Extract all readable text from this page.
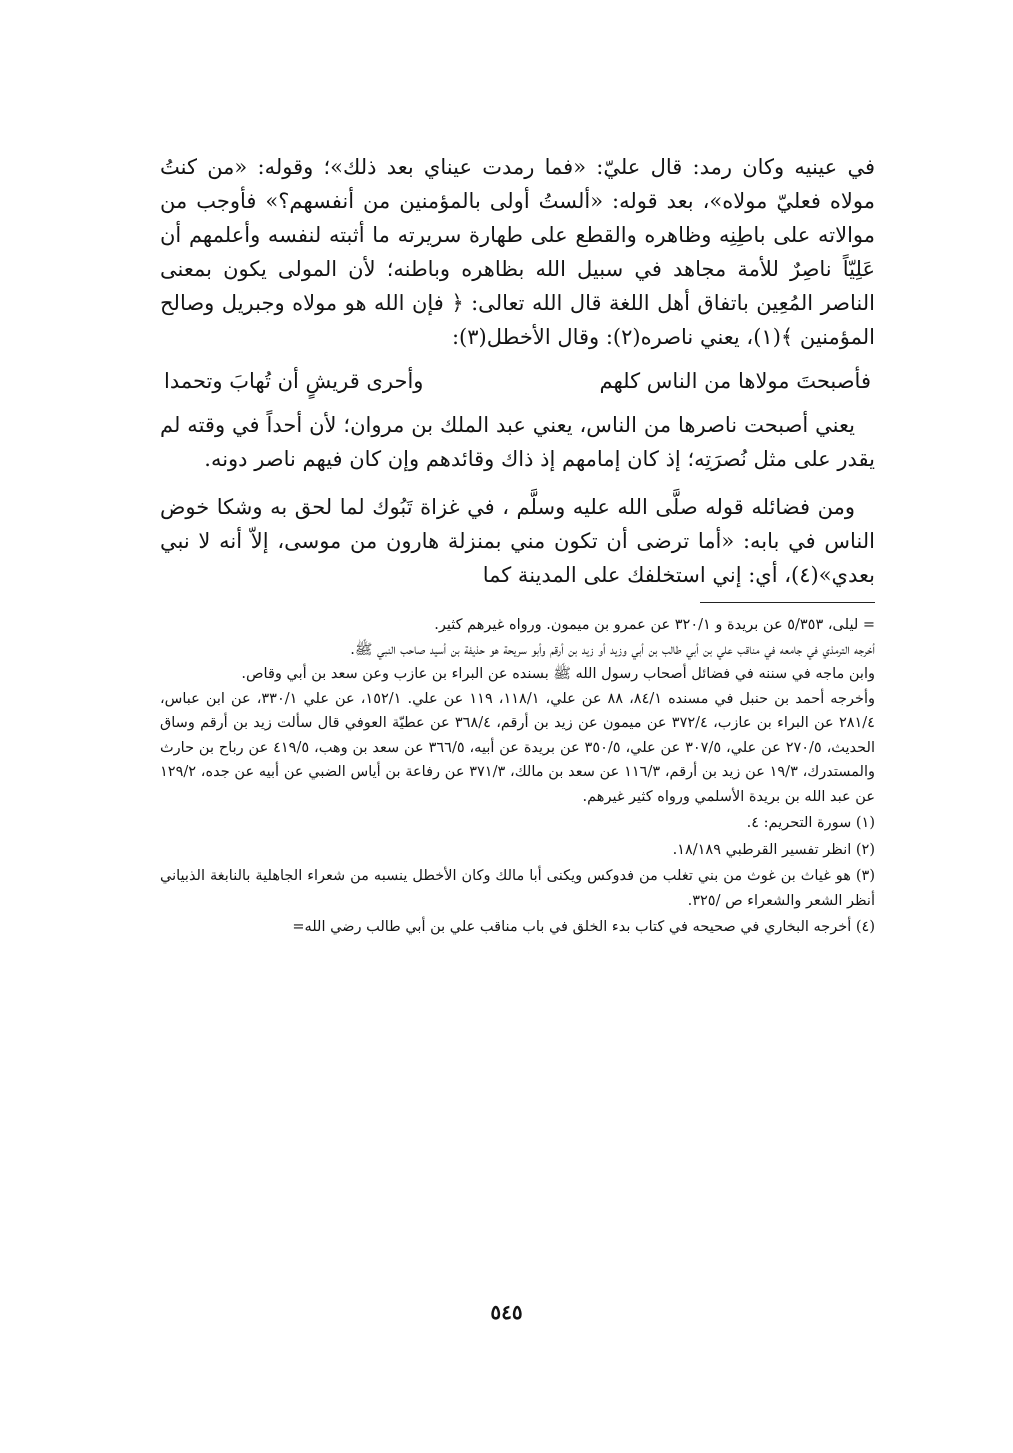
في عينيه وكان رمد: قال عليّ: «فما رمدت عيناي بعد ذلك»؛ وقوله: «من كنتُ مولاه فعليّ مولاه»، بعد قوله: «ألستُ أولى بالمؤمنين من أنفسهم؟» فأوجب من موالاته على باطِنِه وظاهره والقطع على طهارة سريرته ما أثبته لنفسه وأعلمهم أن عَلِيّاً ناصِرٌ للأمة مجاهد في سبيل الله بظاهره وباطنه؛ لأن المولى يكون بمعنى الناصر المُعِين باتفاق أهل اللغة قال الله تعالى: ﴿ فإن الله هو مولاه وجبريل وصالح المؤمنين ﴾(١)، يعني ناصره(٢): وقال الأخطل(٣):

فأصبحتَ مولاها من الناس كلهم
وأحرى قريشٍ أن تُهابَ وتحمدا

يعني أصبحت ناصرها من الناس، يعني عبد الملك بن مروان؛ لأن أحداً في وقته لم يقدر على مثل نُصرَتِه؛ إذ كان إمامهم إذ ذاك وقائدهم وإن كان فيهم ناصر دونه.

ومن فضائله قوله صلَّى الله عليه وسلَّم ، في غزاة تَبُوك لما لحق به وشكا خوض الناس في بابه: «أما ترضى أن تكون مني بمنزلة هارون من موسى، إلاّ أنه لا نبي بعدي»(٤)، أي: إني استخلفك على المدينة كما

= ليلى، ٥/٣٥٣ عن بريدة و ٣٢٠/١ عن عمرو بن ميمون. ورواه غيرهم كثير.

أخرجه الترمذي في جامعه في مناقب علي بن أبي طالب بن أبي وزيد أو زيد بن أرقم وأبو سريحة هو حذيفة بن أسيد صاحب النبي ﷺ.

وابن ماجه في سننه في فضائل أصحاب رسول الله ﷺ بسنده عن البراء بن عازب وعن سعد بن أبي وقاص.

وأخرجه أحمد بن حنبل في مسنده ٨٤/١، ٨٨ عن علي، ١١٨/١، ١١٩ عن علي. ١٥٢/١، عن علي ٣٣٠/١، عن ابن عباس، ٢٨١/٤ عن البراء بن عازب، ٣٧٢/٤ عن ميمون عن زيد بن أرقم، ٣٦٨/٤ عن عطيّة العوفي قال سألت زيد بن أرقم وساق الحديث، ٢٧٠/٥ عن علي، ٣٠٧/٥ عن علي، ٣٥٠/٥ عن بريدة عن أبيه، ٣٦٦/٥ عن سعد بن وهب، ٤١٩/٥ عن رباح بن حارث والمستدرك، ١٩/٣ عن زيد بن أرقم، ١١٦/٣ عن سعد بن مالك، ٣٧١/٣ عن رفاعة بن أياس الضبي عن أبيه عن جده، ١٢٩/٢ عن عبد الله بن بريدة الأسلمي ورواه كثير غيرهم.

(١) سورة التحريم: ٤.

(٢) انظر تفسير القرطبي ١٨/١٨٩.

(٣) هو غياث بن غوث من بني تغلب من فدوكس ويكنى أبا مالك وكان الأخطل ينسبه من شعراء الجاهلية بالنابغة الذبياني أنظر الشعر والشعراء ص /٣٢٥.

(٤) أخرجه البخاري في صحيحه في كتاب بدء الخلق في باب مناقب علي بن أبي طالب رضي الله=

٥٤٥
